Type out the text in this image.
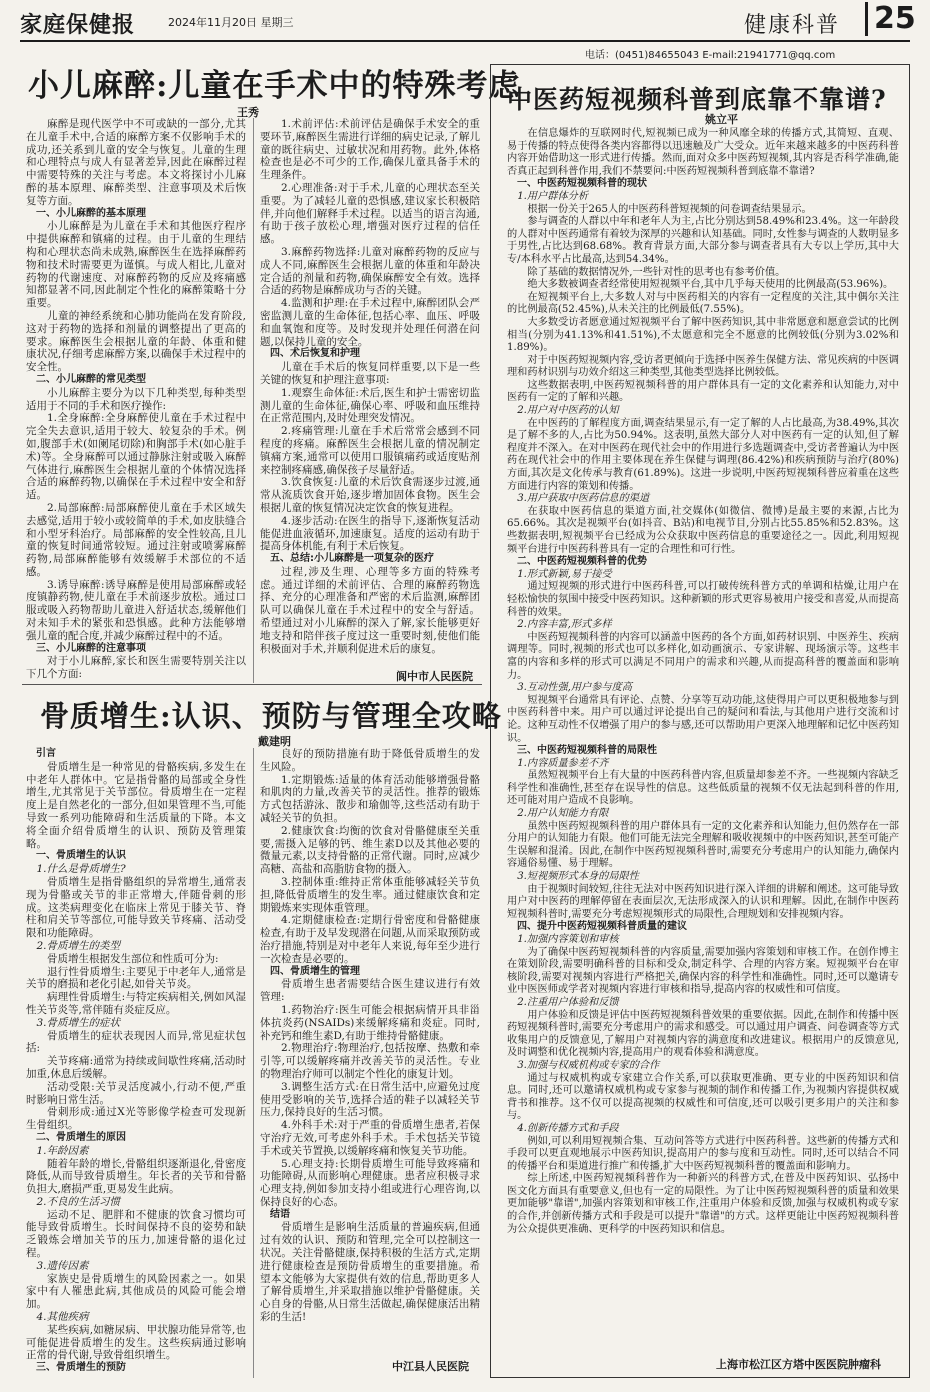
家庭保健报	2024年11月20日 星期三	健康科普	25
电话：(0451)84655043 E-mail:21941771@qq.com
小儿麻醉:儿童在手术中的特殊考虑
王秀

麻醉是现代医学中不可或缺的一部分,尤其在儿童手术中,合适的麻醉方案不仅影响手术的成功,还关系到儿童的安全与恢复。儿童的生理和心理特点与成人有显著差异,因此在麻醉过程中需要特殊的关注与考虑。本文将探讨小儿麻醉的基本原理、麻醉类型、注意事项及术后恢复等方面。

一、小儿麻醉的基本原理

小儿麻醉是为儿童在手术和其他医疗程序中提供麻醉和镇痛的过程。由于儿童的生理结构和心理状态尚未成熟,麻醉医生在选择麻醉药物和技术时需要更为谨慎。与成人相比,儿童对药物的代谢速度、对麻醉药物的反应及疼痛感知都显著不同,因此制定个性化的麻醉策略十分重要。

儿童的神经系统和心肺功能尚在发育阶段,这对于药物的选择和剂量的调整提出了更高的要求。麻醉医生会根据儿童的年龄、体重和健康状况,仔细考虑麻醉方案,以确保手术过程中的安全性。

二、小儿麻醉的常见类型

小儿麻醉主要分为以下几种类型,每种类型适用于不同的手术和医疗操作:

1.全身麻醉:全身麻醉使儿童在手术过程中完全失去意识,适用于较大、较复杂的手术。例如,腹部手术(如阑尾切除)和胸部手术(如心脏手术)等。全身麻醉可以通过静脉注射或吸入麻醉气体进行,麻醉医生会根据儿童的个体情况选择合适的麻醉药物,以确保在手术过程中安全和舒适。

2.局部麻醉:局部麻醉使儿童在手术区域失去感觉,适用于较小或较简单的手术,如皮肤缝合和小型牙科治疗。局部麻醉的安全性较高,且儿童的恢复时间通常较短。通过注射或喷雾麻醉药物,局部麻醉能够有效缓解手术部位的不适感。

3.诱导麻醉:诱导麻醉是使用局部麻醉或轻度镇静药物,使儿童在手术前逐步放松。通过口服或吸入药物帮助儿童进入舒适状态,缓解他们对未知手术的紧张和恐惧感。此种方法能够增强儿童的配合度,并减少麻醉过程中的不适。

三、小儿麻醉的注意事项

对于小儿麻醉,家长和医生需要特别关注以下几个方面:

1.术前评估:术前评估是确保手术安全的重要环节,麻醉医生需进行详细的病史记录,了解儿童的既往病史、过敏状况和用药物。此外,体格检查也是必不可少的工作,确保儿童具备手术的生理条件。

2.心理准备:对于手术,儿童的心理状态至关重要。为了减轻儿童的恐惧感,建议家长积极陪伴,并向他们解释手术过程。以适当的语言沟通,有助于孩子放松心理,增强对医疗过程的信任感。

3.麻醉药物选择:儿童对麻醉药物的反应与成人不同,麻醉医生会根据儿童的体重和年龄决定合适的剂量和药物,确保麻醉安全有效。选择合适的药物是麻醉成功与否的关键。

4.监测和护理:在手术过程中,麻醉团队会严密监测儿童的生命体征,包括心率、血压、呼吸和血氧饱和度等。及时发现并处理任何潜在问题,以保持儿童的安全。

四、术后恢复和护理

儿童在手术后的恢复同样重要,以下是一些关键的恢复和护理注意事项:

1.观察生命体征:术后,医生和护士需密切监测儿童的生命体征,确保心率、呼吸和血压维持在正常范围内,及时处理突发情况。

2.疼痛管理:儿童在手术后常常会感到不同程度的疼痛。麻醉医生会根据儿童的情况制定镇痛方案,通常可以使用口服镇痛药或适度贴剂来控制疼痛感,确保孩子尽量舒适。

3.饮食恢复:儿童的术后饮食需逐步过渡,通常从流质饮食开始,逐步增加固体食物。医生会根据儿童的恢复情况决定饮食的恢复进程。

4.逐步活动:在医生的指导下,逐渐恢复活动能促进血液循环,加速康复。适度的运动有助于提高身体机能,有利于术后恢复。

五、总结:小儿麻醉是一项复杂的医疗

过程,涉及生理、心理等多方面的特殊考虑。通过详细的术前评估、合理的麻醉药物选择、充分的心理准备和严密的术后监测,麻醉团队可以确保儿童在手术过程中的安全与舒适。希望通过对小儿麻醉的深入了解,家长能够更好地支持和陪伴孩子度过这一重要时刻,使他们能积极面对手术,并顺利促进术后的康复。

阆中市人民医院
骨质增生:认识、预防与管理全攻略
戴建明

引言

骨质增生是一种常见的骨骼疾病,多发生在中老年人群体中。它是指骨骼的局部或全身性增生,尤其常见于关节部位。骨质增生在一定程度上是自然老化的一部分,但如果管理不当,可能导致一系列功能障碍和生活质量的下降。本文将全面介绍骨质增生的认识、预防及管理策略。

一、骨质增生的认识

1.什么是骨质增生?

骨质增生是指骨骼组织的异常增生,通常表现为骨骼或关节的非正常增大,伴随骨刺的形成。这类病理变化在临床上常见于膝关节、脊柱和肩关节等部位,可能导致关节疼痛、活动受限和功能障碍。

2.骨质增生的类型

骨质增生根据发生部位和性质可分为:

退行性骨质增生:主要见于中老年人,通常是关节的磨损和老化引起,如骨关节炎。

病理性骨质增生:与特定疾病相关,例如风湿性关节炎等,常伴随有炎症反应。

3.骨质增生的症状

骨质增生的症状表现因人而异,常见症状包括:

关节疼痛:通常为持续或间歇性疼痛,活动时加重,休息后缓解。

活动受限:关节灵活度减小,行动不便,严重时影响日常生活。

骨刺形成:通过X光等影像学检查可发现新生骨组织。

二、骨质增生的原因

1.年龄因素

随着年龄的增长,骨骼组织逐渐退化,骨密度降低,从而导致骨质增生。年长者的关节和骨骼负担大,磨损严重,更易发生此病。

2.不良的生活习惯

运动不足、肥胖和不健康的饮食习惯均可能导致骨质增生。长时间保持不良的姿势和缺乏锻炼会增加关节的压力,加速骨骼的退化过程。

3.遗传因素

家族史是骨质增生的风险因素之一。如果家中有人罹患此病,其他成员的风险可能会增加。

4.其他疾病

某些疾病,如糖尿病、甲状腺功能异常等,也可能促进骨质增生的发生。这些疾病通过影响正常的骨代谢,导致骨组织增生。

三、骨质增生的预防

良好的预防措施有助于降低骨质增生的发生风险。

1.定期锻炼:适量的体育活动能够增强骨骼和肌肉的力量,改善关节的灵活性。推荐的锻炼方式包括游泳、散步和瑜伽等,这些活动有助于减轻关节的负担。

2.健康饮食:均衡的饮食对骨骼健康至关重要,需摄入足够的钙、维生素D以及其他必要的微量元素,以支持骨骼的正常代谢。同时,应减少高糖、高盐和高脂肪食物的摄入。

3.控制体重:维持正常体重能够减轻关节负担,降低骨质增生的发生率。通过健康饮食和定期锻炼来实现体重管理。

4.定期健康检查:定期行骨密度和骨骼健康检查,有助于及早发现潜在问题,从而采取预防或治疗措施,特别是对中老年人来说,每年至少进行一次检查是必要的。

四、骨质增生的管理

骨质增生患者需要结合医生建议进行有效管理:

1.药物治疗:医生可能会根据病情开具非甾体抗炎药(NSAIDs)来缓解疼痛和炎症。同时,补充钙和维生素D,有助于维持骨骼健康。

2.物理治疗:物理治疗,包括按摩、热敷和牵引等,可以缓解疼痛并改善关节的灵活性。专业的物理治疗师可以制定个性化的康复计划。

3.调整生活方式:在日常生活中,应避免过度使用受影响的关节,选择合适的鞋子以减轻关节压力,保持良好的生活习惯。

4.外科手术:对于严重的骨质增生患者,若保守治疗无效,可考虑外科手术。手术包括关节镜手术或关节置换,以缓解疼痛和恢复关节功能。

5.心理支持:长期骨质增生可能导致疼痛和功能障碍,从而影响心理健康。患者应积极寻求心理支持,例如参加支持小组或进行心理咨询,以保持良好的心态。

结语

骨质增生是影响生活质量的普遍疾病,但通过有效的认识、预防和管理,完全可以控制这一状况。关注骨骼健康,保持积极的生活方式,定期进行健康检查是预防骨质增生的重要措施。希望本文能够为大家提供有效的信息,帮助更多人了解骨质增生,并采取措施以维护骨骼健康。关心自身的骨骼,从日常生活做起,确保健康活出精彩的生活!

中江县人民医院
中医药短视频科普到底靠不靠谱?
姚立平

在信息爆炸的互联网时代,短视频已成为一种风靡全球的传播方式,其简短、直观、易于传播的特点使得各类内容都得以迅速触及广大受众。近年来越来越多的中医药科普内容开始借助这一形式进行传播。然而,面对众多中医药短视频,其内容是否科学准确,能否真正起到科普作用,我们不禁要问:中医药短视频科普到底靠不靠谱?

一、中医药短视频科普的现状

1.用户群体分析

根据一份关于265人的中医药科普短视频的问卷调查结果显示。

参与调查的人群以中年和老年人为主,占比分别达到58.49%和23.4%。这一年龄段的人群对中医药通常有着较为深厚的兴趣和认知基础。同时,女性参与调查的人数明显多于男性,占比达到68.68%。教育背景方面,大部分参与调查者具有大专以上学历,其中大专/本科水平占比最高,达到54.34%。

除了基础的数据情况外,一些针对性的思考也有参考价值。

绝大多数被调查者经常使用短视频平台,其中几乎每天使用的比例最高(53.96%)。

在短视频平台上,大多数人对与中医药相关的内容有一定程度的关注,其中偶尔关注的比例最高(52.45%),从未关注的比例最低(7.55%)。

大多数受访者愿意通过短视频平台了解中医药知识,其中非常愿意和愿意尝试的比例相当(分别为41.13%和41.51%),不太愿意和完全不愿意的比例较低(分别为3.02%和1.89%)。

对于中医药短视频内容,受访者更倾向于选择中医养生保健方法、常见疾病的中医调理和药材识别与功效介绍这三种类型,其他类型选择比例较低。

这些数据表明,中医药短视频科普的用户群体具有一定的文化素养和认知能力,对中医药有一定的了解和兴趣。

2.用户对中医药的认知

在中医药的了解程度方面,调查结果显示,有一定了解的人占比最高,为38.49%,其次是了解不多的人,占比为50.94%。这表明,虽然大部分人对中医药有一定的认知,但了解程度并不深入。在对中医药在现代社会中的作用进行多选题调查中,受访者普遍认为中医药在现代社会中的作用主要体现在养生保健与调理(86.42%)和疾病预防与治疗(80%)方面,其次是文化传承与教育(61.89%)。这进一步说明,中医药短视频科普应着重在这些方面进行内容的策划和传播。

3.用户获取中医药信息的渠道

在获取中医药信息的渠道方面,社交媒体(如微信、微博)是最主要的来源,占比为65.66%。其次是视频平台(如抖音、B站)和电视节目,分别占比55.85%和52.83%。这些数据表明,短视频平台已经成为公众获取中医药信息的重要途径之一。因此,利用短视频平台进行中医药科普具有一定的合理性和可行性。

二、中医药短视频科普的优势

1.形式新颖,易于接受

通过短视频的形式进行中医药科普,可以打破传统科普方式的单调和枯燥,让用户在轻松愉快的氛围中接受中医药知识。这种新颖的形式更容易被用户接受和喜爱,从而提高科普的效果。

2.内容丰富,形式多样

中医药短视频科普的内容可以涵盖中医药的各个方面,如药材识别、中医养生、疾病调理等。同时,视频的形式也可以多样化,如动画演示、专家讲解、现场演示等。这些丰富的内容和多样的形式可以满足不同用户的需求和兴趣,从而提高科普的覆盖面和影响力。

3.互动性强,用户参与度高

短视频平台通常具有评论、点赞、分享等互动功能,这使得用户可以更积极地参与到中医药科普中来。用户可以通过评论提出自己的疑问和看法,与其他用户进行交流和讨论。这种互动性不仅增强了用户的参与感,还可以帮助用户更深入地理解和记忆中医药知识。

三、中医药短视频科普的局限性

1.内容质量参差不齐

虽然短视频平台上有大量的中医药科普内容,但质量却参差不齐。一些视频内容缺乏科学性和准确性,甚至存在误导性的信息。这些低质量的视频不仅无法起到科普的作用,还可能对用户造成不良影响。

2.用户认知能力有限

虽然中医药短视频科普的用户群体具有一定的文化素养和认知能力,但仍然存在一部分用户的认知能力有限。他们可能无法完全理解和吸收视频中的中医药知识,甚至可能产生误解和混淆。因此,在制作中医药短视频科普时,需要充分考虑用户的认知能力,确保内容通俗易懂、易于理解。

3.短视频形式本身的局限性

由于视频时间较短,往往无法对中医药知识进行深入详细的讲解和阐述。这可能导致用户对中医药的理解停留在表面层次,无法形成深入的认识和理解。因此,在制作中医药短视频科普时,需要充分考虑短视频形式的局限性,合理规划和安排视频内容。

四、提升中医药短视频科普质量的建议

1.加强内容策划和审核

为了确保中医药短视频科普的内容质量,需要加强内容策划和审核工作。在创作博主在策划阶段,需要明确科普的目标和受众,制定科学、合理的内容方案。短视频平台在审核阶段,需要对视频内容进行严格把关,确保内容的科学性和准确性。同时,还可以邀请专业中医医师或学者对视频内容进行审核和指导,提高内容的权威性和可信度。

2.注重用户体验和反馈

用户体验和反馈是评估中医药短视频科普效果的重要依据。因此,在制作和传播中医药短视频科普时,需要充分考虑用户的需求和感受。可以通过用户调查、问卷调查等方式收集用户的反馈意见,了解用户对视频内容的满意度和改进建议。根据用户的反馈意见,及时调整和优化视频内容,提高用户的观看体验和满意度。

3.加强与权威机构或专家的合作

通过与权威机构或专家建立合作关系,可以获取更准确、更专业的中医药知识和信息。同时,还可以邀请权威机构或专家参与视频的制作和传播工作,为视频内容提供权威背书和推荐。这不仅可以提高视频的权威性和可信度,还可以吸引更多用户的关注和参与。

4.创新传播方式和手段

例如,可以利用短视频合集、互动问答等方式进行中医药科普。这些新的传播方式和手段可以更直观地展示中医药知识,提高用户的参与度和互动性。同时,还可以结合不同的传播平台和渠道进行推广和传播,扩大中医药短视频科普的覆盖面和影响力。

综上所述,中医药短视频科普作为一种新兴的科普方式,在普及中医药知识、弘扬中医文化方面具有重要意义,但也有一定的局限性。为了让中医药短视频科普的质量和效果更加能够"靠谱",加强内容策划和审核工作,注重用户体验和反馈,加强与权威机构或专家的合作,并创新传播方式和手段是可以提升"靠谱"的方式。这样更能让中医药短视频科普为公众提供更准确、更科学的中医药知识和信息。

上海市松江区方塔中医医院肿瘤科
